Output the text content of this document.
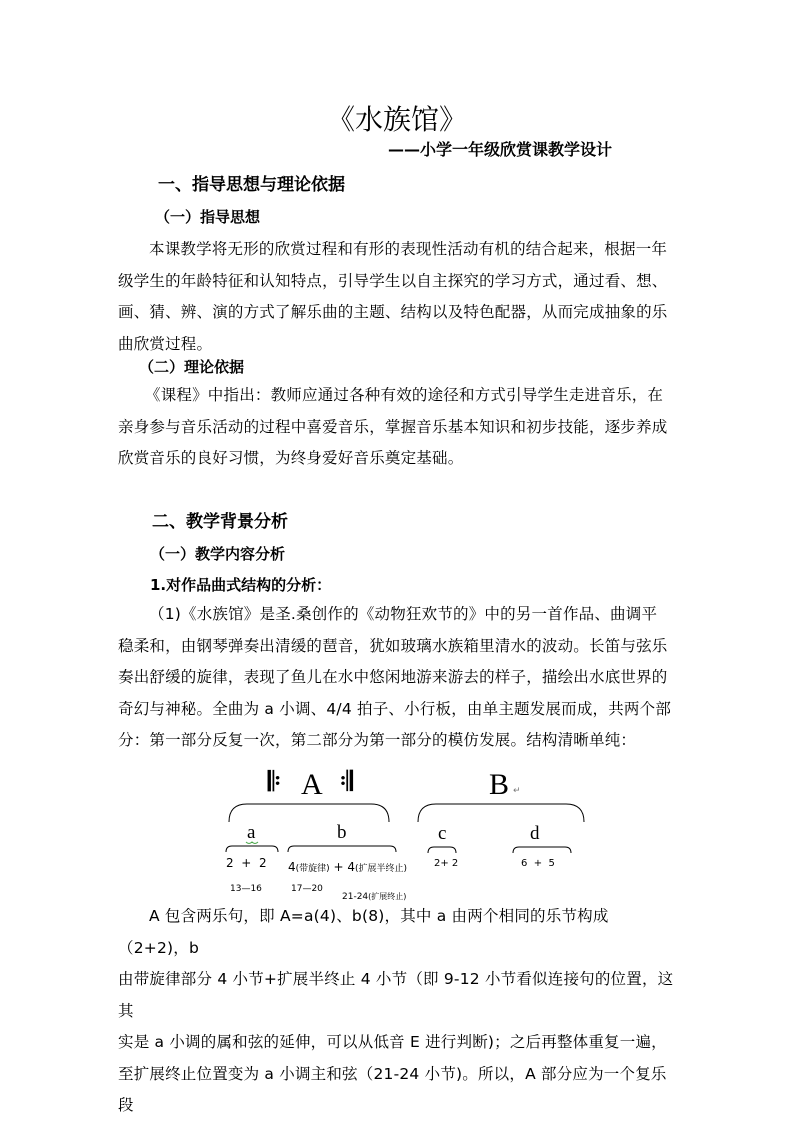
《水族馆》
——小学一年级欣赏课教学设计
一、指导思想与理论依据
（一）指导思想

本课教学将无形的欣赏过程和有形的表现性活动有机的结合起来，根据一年

级学生的年龄特征和认知特点，引导学生以自主探究的学习方式，通过看、想、

画、猜、辨、演的方式了解乐曲的主题、结构以及特色配器，从而完成抽象的乐

曲欣赏过程。

（二）理论依据

《课程》中指出：教师应通过各种有效的途径和方式引导学生走进音乐，在

亲身参与音乐活动的过程中喜爱音乐，掌握音乐基本知识和初步技能，逐步养成

欣赏音乐的良好习惯，为终身爱好音乐奠定基础。

二、教学背景分析
（一）教学内容分析
1.对作品曲式结构的分析：

（1)《水族馆》是圣.桑创作的《动物狂欢节的》中的另一首作品、曲调平

稳柔和，由钢琴弹奏出清缓的琶音，犹如玻璃水族箱里清水的波动。长笛与弦乐

奏出舒缓的旋律，表现了鱼儿在水中悠闲地游来游去的样子，描绘出水底世界的

奇幻与神秘。全曲为 a 小调、4/4 拍子、小行板，由单主题发展而成，共两个部

分：第一部分反复一次，第二部分为第一部分的模仿发展。结构清晰单纯：

𝄆 A 𝄇	B ↵
a	b	c	d
2  +  2 4(带旋律) + 4(扩展半终止)	2+ 2	6  +  5
13—16	17—20
21-24(扩展终止)

A 包含两乐句，即 A=a(4)、b(8)，其中 a 由两个相同的乐节构成（2+2)，b

由带旋律部分 4 小节+扩展半终止 4 小节（即 9-12 小节看似连接句的位置，这其

实是 a 小调的属和弦的延伸，可以从低音 E 进行判断)；之后再整体重复一遍，

至扩展终止位置变为 a 小调主和弦（21-24 小节)。所以，A 部分应为一个复乐段
